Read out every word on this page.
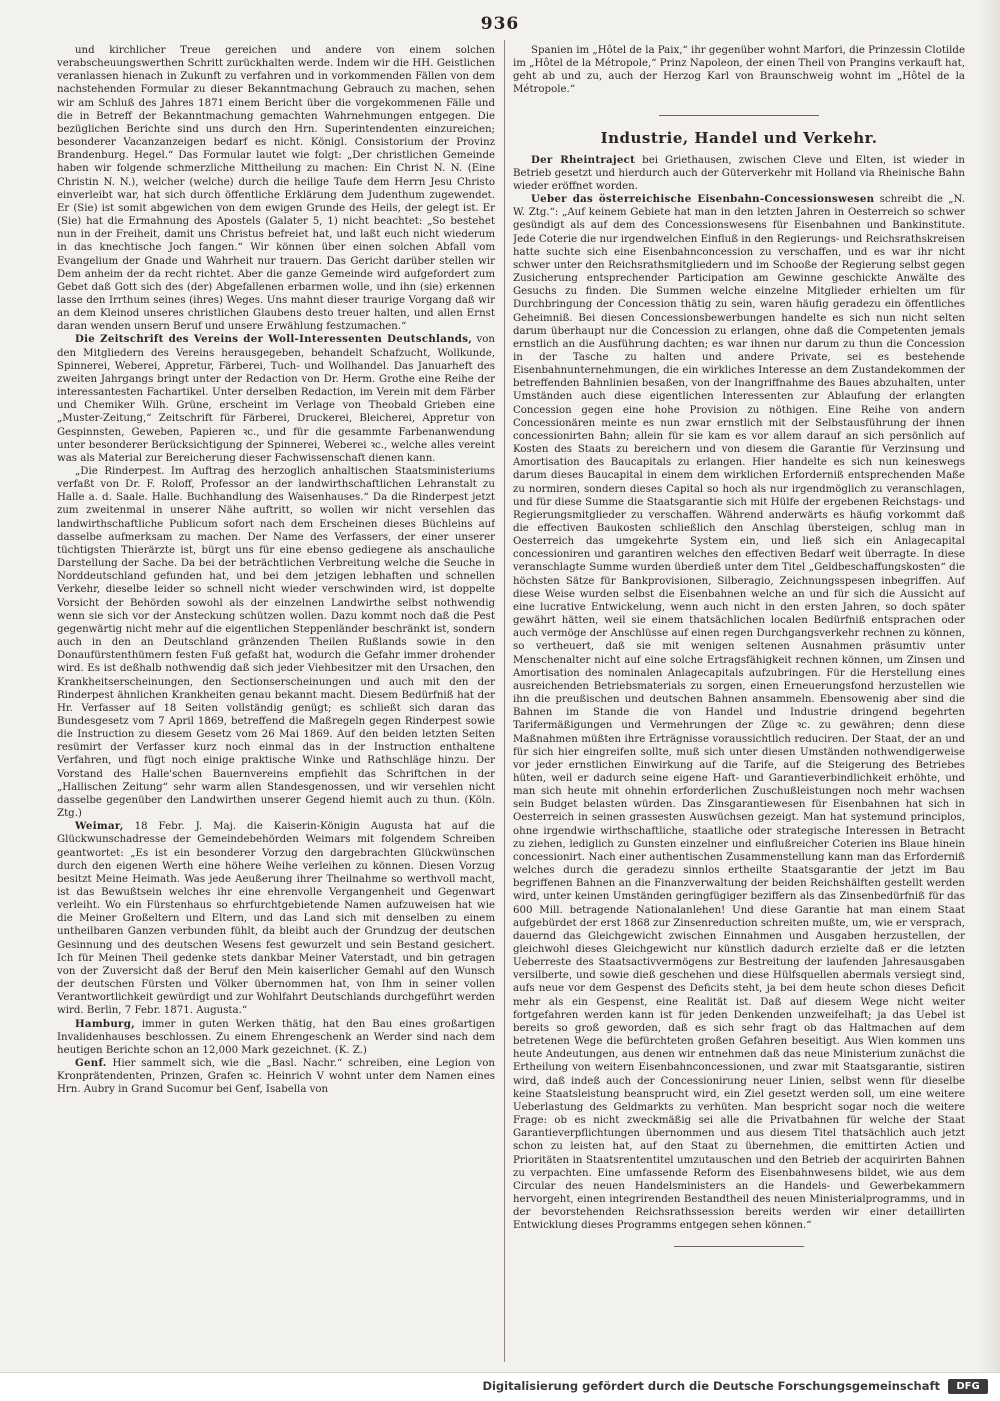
936

und kirchlicher Treue gereichen und andere von einem solchen verabscheuungswerthen Schritt zurückhalten werde. Indem wir die HH. Geistlichen veranlassen hienach in Zukunft zu verfahren und in vorkommenden Fällen von dem nachstehenden Formular zu dieser Bekanntmachung Gebrauch zu machen, sehen wir am Schluß des Jahres 1871 einem Bericht über die vorgekommenen Fälle und die in Betreff der Bekanntmachung gemachten Wahrnehmungen entgegen. Die bezüglichen Berichte sind uns durch den Hrn. Superintendenten einzureichen; besonderer Vacanzanzeigen bedarf es nicht. Königl. Consistorium der Provinz Brandenburg. Hegel.“ Das Formular lautet wie folgt: „Der christlichen Gemeinde haben wir folgende schmerzliche Mittheilung zu machen: Ein Christ N. N. (Eine Christin N. N.), welcher (welche) durch die heilige Taufe dem Herrn Jesu Christo einverleibt war, hat sich durch öffentliche Erklärung dem Judenthum zugewendet. Er (Sie) ist somit abgewichen von dem ewigen Grunde des Heils, der gelegt ist. Er (Sie) hat die Ermahnung des Apostels (Galater 5, 1) nicht beachtet: „So bestehet nun in der Freiheit, damit uns Christus befreiet hat, und laßt euch nicht wiederum in das knechtische Joch fangen.“ Wir können über einen solchen Abfall vom Evangelium der Gnade und Wahrheit nur trauern. Das Gericht darüber stellen wir Dem anheim der da recht richtet. Aber die ganze Gemeinde wird aufgefordert zum Gebet daß Gott sich des (der) Abgefallenen erbarmen wolle, und ihn (sie) erkennen lasse den Irrthum seines (ihres) Weges. Uns mahnt dieser traurige Vorgang daß wir an dem Kleinod unseres christlichen Glaubens desto treuer halten, und allen Ernst daran wenden unsern Beruf und unsere Erwählung festzumachen.“

Die Zeitschrift des Vereins der Woll-Interessenten Deutschlands, von den Mitgliedern des Vereins herausgegeben, behandelt Schafzucht, Wollkunde, Spinnerei, Weberei, Appretur, Färberei, Tuch- und Wollhandel. Das Januarheft des zweiten Jahrgangs bringt unter der Redaction von Dr. Herm. Grothe eine Reihe der interessantesten Fachartikel. Unter derselben Redaction, im Verein mit dem Färber und Chemiker Wilh. Grüne, erscheint im Verlage von Theobald Grieben eine „Muster-Zeitung,“ Zeitschrift für Färberei, Druckerei, Bleicherei, Appretur von Gespinnsten, Geweben, Papieren ꝛc., und für die gesammte Farbenanwendung unter besonderer Berücksichtigung der Spinnerei, Weberei ꝛc., welche alles vereint was als Material zur Bereicherung dieser Fachwissenschaft dienen kann.

„Die Rinderpest. Im Auftrag des herzoglich anhaltischen Staatsministeriums verfaßt von Dr. F. Roloff, Professor an der landwirthschaftlichen Lehranstalt zu Halle a. d. Saale. Halle. Buchhandlung des Waisenhauses.“ Da die Rinderpest jetzt zum zweitenmal in unserer Nähe auftritt, so wollen wir nicht versehlen das landwirthschaftliche Publicum sofort nach dem Erscheinen dieses Büchleins auf dasselbe aufmerksam zu machen. Der Name des Verfassers, der einer unserer tüchtigsten Thierärzte ist, bürgt uns für eine ebenso gediegene als anschauliche Darstellung der Sache. Da bei der beträchtlichen Verbreitung welche die Seuche in Norddeutschland gefunden hat, und bei dem jetzigen lebhaften und schnellen Verkehr, dieselbe leider so schnell nicht wieder verschwinden wird, ist doppelte Vorsicht der Behörden sowohl als der einzelnen Landwirthe selbst nothwendig wenn sie sich vor der Ansteckung schützen wollen. Dazu kommt noch daß die Pest gegenwärtig nicht mehr auf die eigentlichen Steppenländer beschränkt ist, sondern auch in den an Deutschland gränzenden Theilen Rußlands sowie in den Donaufürstenthümern festen Fuß gefaßt hat, wodurch die Gefahr immer drohender wird. Es ist deßhalb nothwendig daß sich jeder Viehbesitzer mit den Ursachen, den Krankheitserscheinungen, den Sectionserscheinungen und auch mit den der Rinderpest ähnlichen Krankheiten genau bekannt macht. Diesem Bedürfniß hat der Hr. Verfasser auf 18 Seiten vollständig genügt; es schließt sich daran das Bundesgesetz vom 7 April 1869, betreffend die Maßregeln gegen Rinderpest sowie die Instruction zu diesem Gesetz vom 26 Mai 1869. Auf den beiden letzten Seiten resümirt der Verfasser kurz noch einmal das in der Instruction enthaltene Verfahren, und fügt noch einige praktische Winke und Rathschläge hinzu. Der Vorstand des Halle'schen Bauernvereins empfiehlt das Schriftchen in der „Hallischen Zeitung“ sehr warm allen Standesgenossen, und wir versehlen nicht dasselbe gegenüber den Landwirthen unserer Gegend hiemit auch zu thun. (Köln. Ztg.)

Weimar, 18 Febr. J. Maj. die Kaiserin-Königin Augusta hat auf die Glückwunschadresse der Gemeindebehörden Weimars mit folgendem Schreiben geantwortet: „Es ist ein besonderer Vorzug den dargebrachten Glückwünschen durch den eigenen Werth eine höhere Weihe verleihen zu können. Diesen Vorzug besitzt Meine Heimath. Was jede Aeußerung ihrer Theilnahme so werthvoll macht, ist das Bewußtsein welches ihr eine ehrenvolle Vergangenheit und Gegenwart verleiht. Wo ein Fürstenhaus so ehrfurchtgebietende Namen aufzuweisen hat wie die Meiner Großeltern und Eltern, und das Land sich mit denselben zu einem untheilbaren Ganzen verbunden fühlt, da bleibt auch der Grundzug der deutschen Gesinnung und des deutschen Wesens fest gewurzelt und sein Bestand gesichert. Ich für Meinen Theil gedenke stets dankbar Meiner Vaterstadt, und bin getragen von der Zuversicht daß der Beruf den Mein kaiserlicher Gemahl auf den Wunsch der deutschen Fürsten und Völker übernommen hat, von Ihm in seiner vollen Verantwortlichkeit gewürdigt und zur Wohlfahrt Deutschlands durchgeführt werden wird. Berlin, 7 Febr. 1871. Augusta.“

Hamburg, immer in guten Werken thätig, hat den Bau eines großartigen Invalidenhauses beschlossen. Zu einem Ehrengeschenk an Werder sind nach dem heutigen Berichte schon an 12,000 Mark gezeichnet. (K. Z.)

Genf. Hier sammelt sich, wie die „Basl. Nachr.“ schreiben, eine Legion von Kronprätendenten, Prinzen, Grafen ꝛc. Heinrich V wohnt unter dem Namen eines Hrn. Aubry in Grand Sucomur bei Genf, Isabella von

Spanien im „Hôtel de la Paix,“ ihr gegenüber wohnt Marfori, die Prinzessin Clotilde im „Hôtel de la Métropole,“ Prinz Napoleon, der einen Theil von Prangins verkauft hat, geht ab und zu, auch der Herzog Karl von Braunschweig wohnt im „Hôtel de la Métropole.“

Industrie, Handel und Verkehr.

Der Rheintraject bei Griethausen, zwischen Cleve und Elten, ist wieder in Betrieb gesetzt und hierdurch auch der Güterverkehr mit Holland via Rheinische Bahn wieder eröffnet worden.

Ueber das österreichische Eisenbahn-Concessionswesen schreibt die „N. W. Ztg.“: „Auf keinem Gebiete hat man in den letzten Jahren in Oesterreich so schwer gesündigt als auf dem des Concessionswesens für Eisenbahnen und Bankinstitute. Jede Coterie die nur irgendwelchen Einfluß in den Regierungs- und Reichsrathskreisen hatte suchte sich eine Eisenbahnconcession zu verschaffen, und es war ihr nicht schwer unter den Reichsrathsmitgliedern und im Schooße der Regierung selbst gegen Zusicherung entsprechender Participation am Gewinne geschickte Anwälte des Gesuchs zu finden. Die Summen welche einzelne Mitglieder erhielten um für Durchbringung der Concession thätig zu sein, waren häufig geradezu ein öffentliches Geheimniß. Bei diesen Concessionsbewerbungen handelte es sich nun nicht selten darum überhaupt nur die Concession zu erlangen, ohne daß die Competenten jemals ernstlich an die Ausführung dachten; es war ihnen nur darum zu thun die Concession in der Tasche zu halten und andere Private, sei es bestehende Eisenbahnunternehmungen, die ein wirkliches Interesse an dem Zustandekommen der betreffenden Bahnlinien besaßen, von der Inangriffnahme des Baues abzuhalten, unter Umständen auch diese eigentlichen Interessenten zur Ablaufung der erlangten Concession gegen eine hohe Provision zu nöthigen. Eine Reihe von andern Concessionären meinte es nun zwar ernstlich mit der Selbstausführung der ihnen concessionirten Bahn; allein für sie kam es vor allem darauf an sich persönlich auf Kosten des Staats zu bereichern und von diesem die Garantie für Verzinsung und Amortisation des Baucapitals zu erlangen. Hier handelte es sich nun keineswegs darum dieses Baucapital in einem dem wirklichen Erforderniß entsprechenden Maße zu normiren, sondern dieses Capital so hoch als nur irgendmöglich zu veranschlagen, und für diese Summe die Staatsgarantie sich mit Hülfe der ergebenen Reichstags- und Regierungsmitglieder zu verschaffen. Während anderwärts es häufig vorkommt daß die effectiven Baukosten schließlich den Anschlag übersteigen, schlug man in Oesterreich das umgekehrte System ein, und ließ sich ein Anlagecapital concessioniren und garantiren welches den effectiven Bedarf weit überragte. In diese veranschlagte Summe wurden überdieß unter dem Titel „Geldbeschaffungskosten“ die höchsten Sätze für Bankprovisionen, Silberagio, Zeichnungsspesen inbegriffen. Auf diese Weise wurden selbst die Eisenbahnen welche an und für sich die Aussicht auf eine lucrative Entwickelung, wenn auch nicht in den ersten Jahren, so doch später gewährt hätten, weil sie einem thatsächlichen localen Bedürfniß entsprachen oder auch vermöge der Anschlüsse auf einen regen Durchgangsverkehr rechnen zu können, so vertheuert, daß sie mit wenigen seltenen Ausnahmen präsumtiv unter Menschenalter nicht auf eine solche Ertragsfähigkeit rechnen können, um Zinsen und Amortisation des nominalen Anlagecapitals aufzubringen. Für die Herstellung eines ausreichenden Betriebsmaterials zu sorgen, einen Erneuerungsfond herzustellen wie ihn die preußischen und deutschen Bahnen ansammeln. Ebensowenig aber sind die Bahnen im Stande die von Handel und Industrie dringend begehrten Tarifermäßigungen und Vermehrungen der Züge ꝛc. zu gewähren; denn diese Maßnahmen müßten ihre Erträgnisse voraussichtlich reduciren. Der Staat, der an und für sich hier eingreifen sollte, muß sich unter diesen Umständen nothwendigerweise vor jeder ernstlichen Einwirkung auf die Tarife, auf die Steigerung des Betriebes hüten, weil er dadurch seine eigene Haft- und Garantieverbindlichkeit erhöhte, und man sich heute mit ohnehin erforderlichen Zuschußleistungen noch mehr wachsen sein Budget belasten würden. Das Zinsgarantiewesen für Eisenbahnen hat sich in Oesterreich in seinen grassesten Auswüchsen gezeigt. Man hat systemund principlos, ohne irgendwie wirthschaftliche, staatliche oder strategische Interessen in Betracht zu ziehen, lediglich zu Gunsten einzelner und einflußreicher Coterien ins Blaue hinein concessionirt. Nach einer authentischen Zusammenstellung kann man das Erforderniß welches durch die geradezu sinnlos ertheilte Staatsgarantie der jetzt im Bau begriffenen Bahnen an die Finanzverwaltung der beiden Reichshälften gestellt werden wird, unter keinen Umständen geringfügiger beziffern als das Zinsenbedürfniß für das 600 Mill. betragende Nationalanlehen! Und diese Garantie hat man einem Staat aufgebürdet der erst 1868 zur Zinsenreduction schreiten mußte, um, wie er versprach, dauernd das Gleichgewicht zwischen Einnahmen und Ausgaben herzustellen, der gleichwohl dieses Gleichgewicht nur künstlich dadurch erzielte daß er die letzten Ueberreste des Staatsactivvermögens zur Bestreitung der laufenden Jahresausgaben versilberte, und sowie dieß geschehen und diese Hülfsquellen abermals versiegt sind, aufs neue vor dem Gespenst des Deficits steht, ja bei dem heute schon dieses Deficit mehr als ein Gespenst, eine Realität ist. Daß auf diesem Wege nicht weiter fortgefahren werden kann ist für jeden Denkenden unzweifelhaft; ja das Uebel ist bereits so groß geworden, daß es sich sehr fragt ob das Haltmachen auf dem betretenen Wege die befürchteten großen Gefahren beseitigt. Aus Wien kommen uns heute Andeutungen, aus denen wir entnehmen daß das neue Ministerium zunächst die Ertheilung von weitern Eisenbahnconcessionen, und zwar mit Staatsgarantie, sistiren wird, daß indeß auch der Concessionirung neuer Linien, selbst wenn für dieselbe keine Staatsleistung beansprucht wird, ein Ziel gesetzt werden soll, um eine weitere Ueberlastung des Geldmarkts zu verhüten. Man bespricht sogar noch die weitere Frage: ob es nicht zweckmäßig sei alle die Privatbahnen für welche der Staat Garantieverpflichtungen übernommen und aus diesem Titel thatsächlich auch jetzt schon zu leisten hat, auf den Staat zu übernehmen, die emittirten Actien und Prioritäten in Staatsrententitel umzutauschen und den Betrieb der acquirirten Bahnen zu verpachten. Eine umfassende Reform des Eisenbahnwesens bildet, wie aus dem Circular des neuen Handelsministers an die Handels- und Gewerbekammern hervorgeht, einen integrirenden Bestandtheil des neuen Ministerialprogramms, und in der bevorstehenden Reichsrathssession bereits werden wir einer detaillirten Entwicklung dieses Programms entgegen sehen können.“

Digitalisierung gefördert durch die Deutsche Forschungsgemeinschaft	DFG
